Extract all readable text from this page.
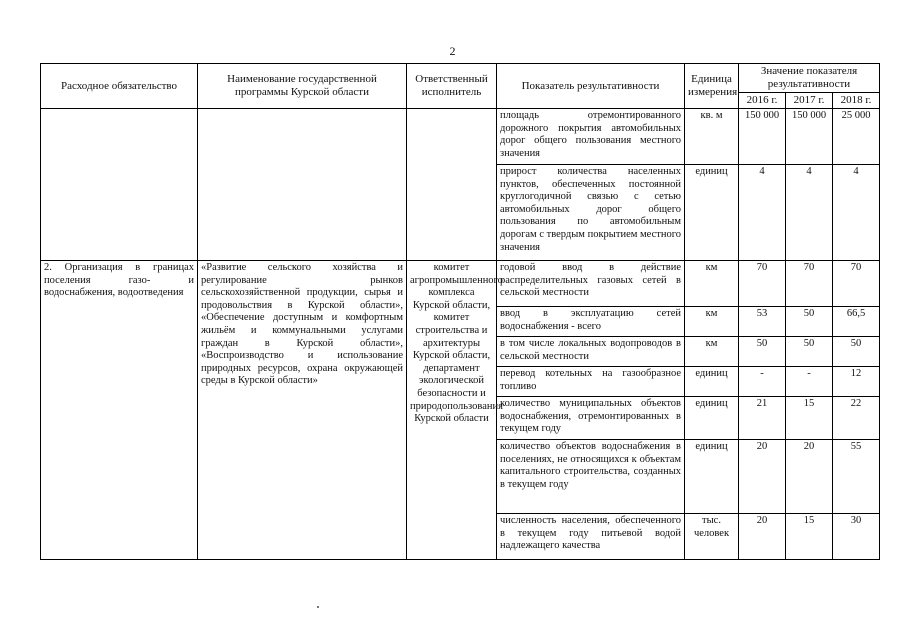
2
Расходное обязательство	Наименование государственной программы Курской области	Ответственный исполнитель	Показатель результативности	Единица измерения	Значение показателя результативности		
					2016 г.	2017 г.	2018 г.
			площадь отремонтированного дорожного покрытия автомобильных дорог общего пользования местного значения	кв. м	150 000	150 000	25 000
			прирост количества населенных пунктов, обеспеченных постоянной круглогодичной связью с сетью автомобильных дорог общего пользования по автомобильным дорогам с твердым покрытием местного значения	единиц	4	4	4
2. Организация в границах поселения газо- и водоснабжения, водоотведения	«Развитие сельского хозяйства и регулирование рынков сельскохозяйственной продукции, сырья и продовольствия в Курской области», «Обеспечение доступным и комфортным жильём и коммунальными услугами граждан в Курской области», «Воспроизводство и использование природных ресурсов, охрана окружающей среды в Курской области»	комитет агропромышленного комплекса Курской области, комитет строительства и архитектуры Курской области, департамент экологической безопасности и природопользования Курской области	годовой ввод в действие распределительных газовых сетей в сельской местности	км	70	70	70
			ввод в эксплуатацию сетей водоснабжения - всего	км	53	50	66,5
			в том числе локальных водопроводов в сельской местности	км	50	50	50
			перевод котельных на газообразное топливо	единиц	-	-	12
			количество муниципальных объектов водоснабжения, отремонтированных в текущем году	единиц	21	15	22
			количество объектов водоснабжения в поселениях, не относящихся к объектам капитального строительства, созданных в текущем году	единиц	20	20	55
			численность населения, обеспеченного в текущем году питьевой водой надлежащего качества	тыс. человек	20	15	30
